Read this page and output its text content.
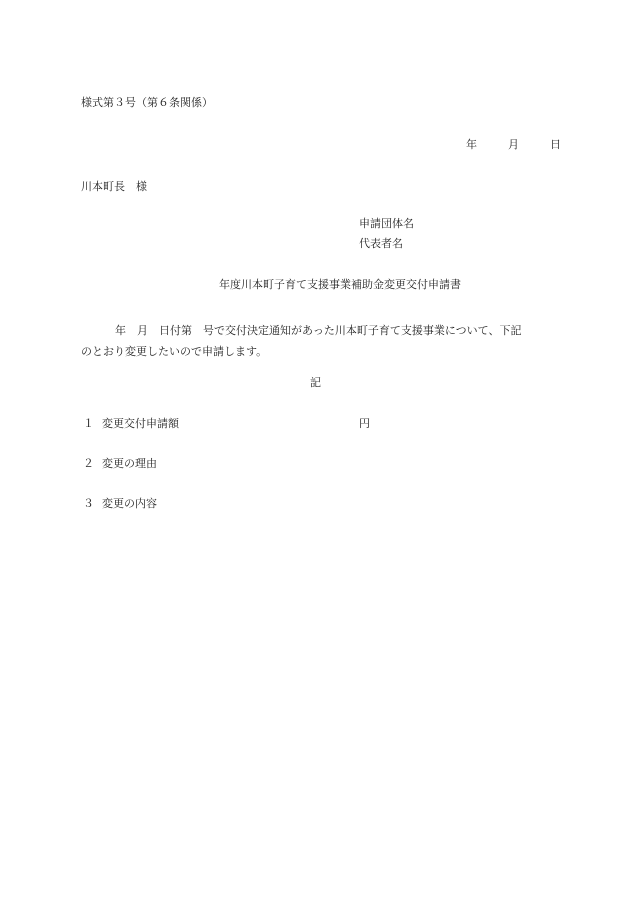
様式第３号（第６条関係）
年	月	日
川本町長　様
申請団体名
代表者名
年度川本町子育て支援事業補助金変更交付申請書

年　月　日付第　号で交付決定通知があった川本町子育て支援事業について、下記

のとおり変更したいので申請します。

記
１ 変更交付申請額	円
２ 変更の理由
３ 変更の内容
